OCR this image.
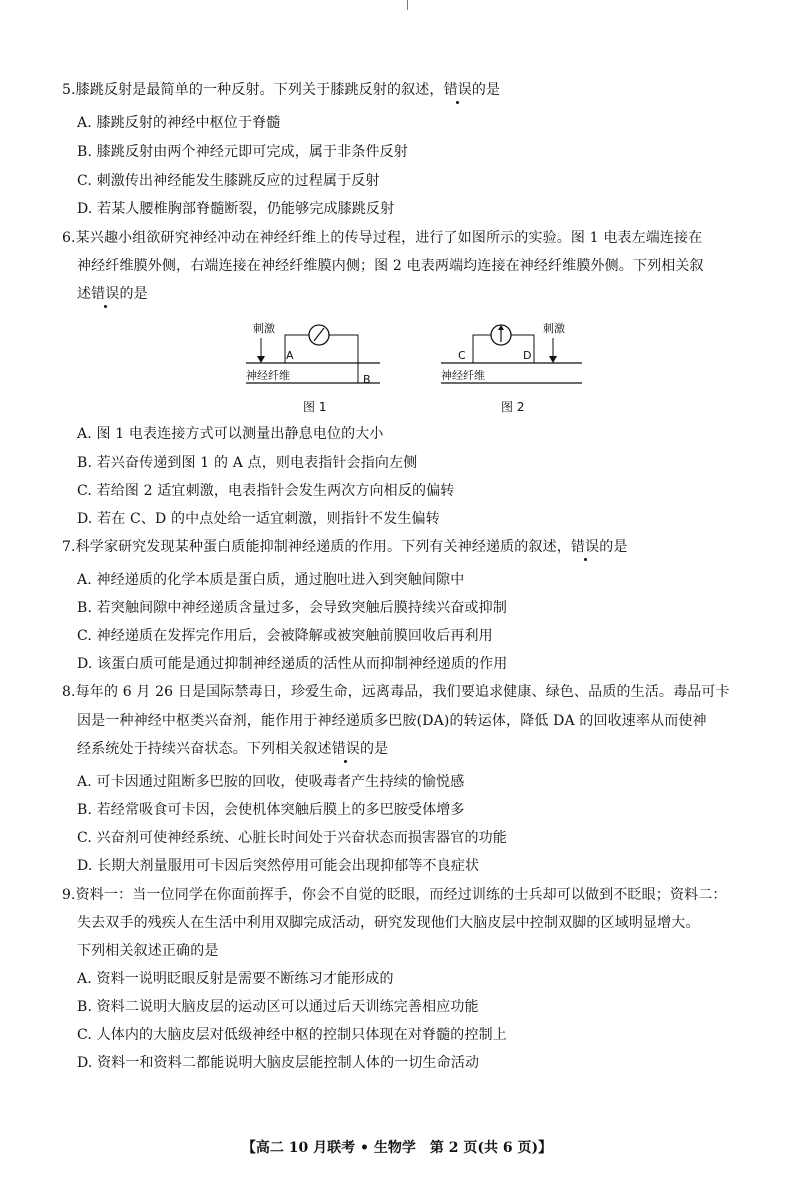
5.膝跳反射是最简单的一种反射。下列关于膝跳反射的叙述，错误的是
A. 膝跳反射的神经中枢位于脊髓
B. 膝跳反射由两个神经元即可完成，属于非条件反射
C. 刺激传出神经能发生膝跳反应的过程属于反射
D. 若某人腰椎胸部脊髓断裂，仍能够完成膝跳反射
6.某兴趣小组欲研究神经冲动在神经纤维上的传导过程，进行了如图所示的实验。图 1 电表左端连接在
神经纤维膜外侧，右端连接在神经纤维膜内侧；图 2 电表两端均连接在神经纤维膜外侧。下列相关叙
述错误的是
刺激
A
B
神经纤维
图 1
刺激
C	D
神经纤维
图 2
A. 图 1 电表连接方式可以测量出静息电位的大小
B. 若兴奋传递到图 1 的 A 点，则电表指针会指向左侧
C. 若给图 2 适宜刺激，电表指针会发生两次方向相反的偏转
D. 若在 C、D 的中点处给一适宜刺激，则指针不发生偏转
7.科学家研究发现某种蛋白质能抑制神经递质的作用。下列有关神经递质的叙述，错误的是
A. 神经递质的化学本质是蛋白质，通过胞吐进入到突触间隙中
B. 若突触间隙中神经递质含量过多，会导致突触后膜持续兴奋或抑制
C. 神经递质在发挥完作用后，会被降解或被突触前膜回收后再利用
D. 该蛋白质可能是通过抑制神经递质的活性从而抑制神经递质的作用
8.每年的 6 月 26 日是国际禁毒日，珍爱生命，远离毒品，我们要追求健康、绿色、品质的生活。毒品可卡
因是一种神经中枢类兴奋剂，能作用于神经递质多巴胺(DA)的转运体，降低 DA 的回收速率从而使神
经系统处于持续兴奋状态。下列相关叙述错误的是
A. 可卡因通过阻断多巴胺的回收，使吸毒者产生持续的愉悦感
B. 若经常吸食可卡因，会使机体突触后膜上的多巴胺受体增多
C. 兴奋剂可使神经系统、心脏长时间处于兴奋状态而损害器官的功能
D. 长期大剂量服用可卡因后突然停用可能会出现抑郁等不良症状
9.资料一：当一位同学在你面前挥手，你会不自觉的眨眼，而经过训练的士兵却可以做到不眨眼；资料二：
失去双手的残疾人在生活中利用双脚完成活动，研究发现他们大脑皮层中控制双脚的区域明显增大。
下列相关叙述正确的是
A. 资料一说明眨眼反射是需要不断练习才能形成的
B. 资料二说明大脑皮层的运动区可以通过后天训练完善相应功能
C. 人体内的大脑皮层对低级神经中枢的控制只体现在对脊髓的控制上
D. 资料一和资料二都能说明大脑皮层能控制人体的一切生命活动
【高二 10 月联考 • 生物学　第 2 页(共 6 页)】
